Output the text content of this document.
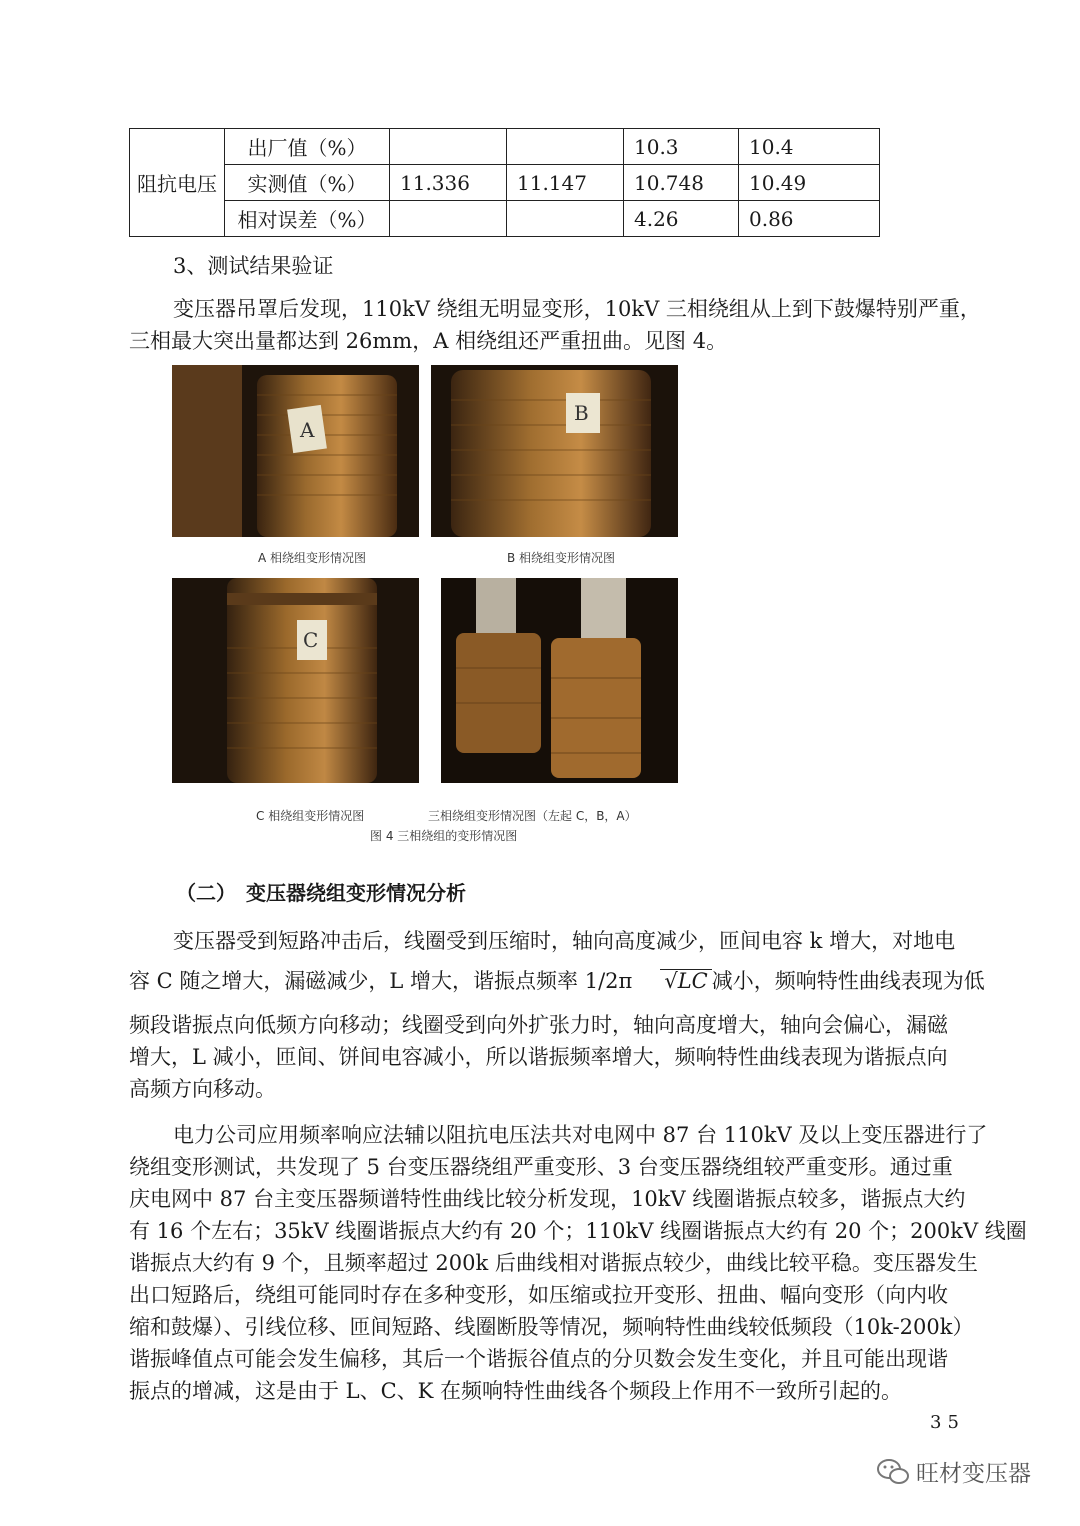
阻抗电压	出厂值（%）			10.3	10.4
	实测值（%）	11.336	11.147	10.748	10.49
	相对误差（%）			4.26	0.86
3、测试结果验证
变压器吊罩后发现，110kV 绕组无明显变形，10kV 三相绕组从上到下鼓爆特别严重，
三相最大突出量都达到 26mm，A 相绕组还严重扭曲。见图 4。
A
B
A 相绕组变形情况图	B 相绕组变形情况图
C
C 相绕组变形情况图	三相绕组变形情况图（左起 C，B，A）
图 4 三相绕组的变形情况图
（二）　变压器绕组变形情况分析
变压器受到短路冲击后，线圈受到压缩时，轴向高度减少，匝间电容 k 增大，对地电
容 C 随之增大，漏磁减少，L 增大，谐振点频率 1/2π √LC 减小，频响特性曲线表现为低
频段谐振点向低频方向移动；线圈受到向外扩张力时，轴向高度增大，轴向会偏心，漏磁
增大，L 减小，匝间、饼间电容减小，所以谐振频率增大，频响特性曲线表现为谐振点向
高频方向移动。
电力公司应用频率响应法辅以阻抗电压法共对电网中 87 台 110kV 及以上变压器进行了
绕组变形测试，共发现了 5 台变压器绕组严重变形、3 台变压器绕组较严重变形。通过重
庆电网中 87 台主变压器频谱特性曲线比较分析发现，10kV 线圈谐振点较多，谐振点大约
有 16 个左右；35kV 线圈谐振点大约有 20 个；110kV 线圈谐振点大约有 20 个；200kV 线圈
谐振点大约有 9 个，且频率超过 200k 后曲线相对谐振点较少，曲线比较平稳。变压器发生
出口短路后，绕组可能同时存在多种变形，如压缩或拉开变形、扭曲、幅向变形（向内收
缩和鼓爆）、引线位移、匝间短路、线圈断股等情况，频响特性曲线较低频段（10k-200k）
谐振峰值点可能会发生偏移，其后一个谐振谷值点的分贝数会发生变化，并且可能出现谐
振点的增减，这是由于 L、C、K 在频响特性曲线各个频段上作用不一致所引起的。
35
旺材变压器
